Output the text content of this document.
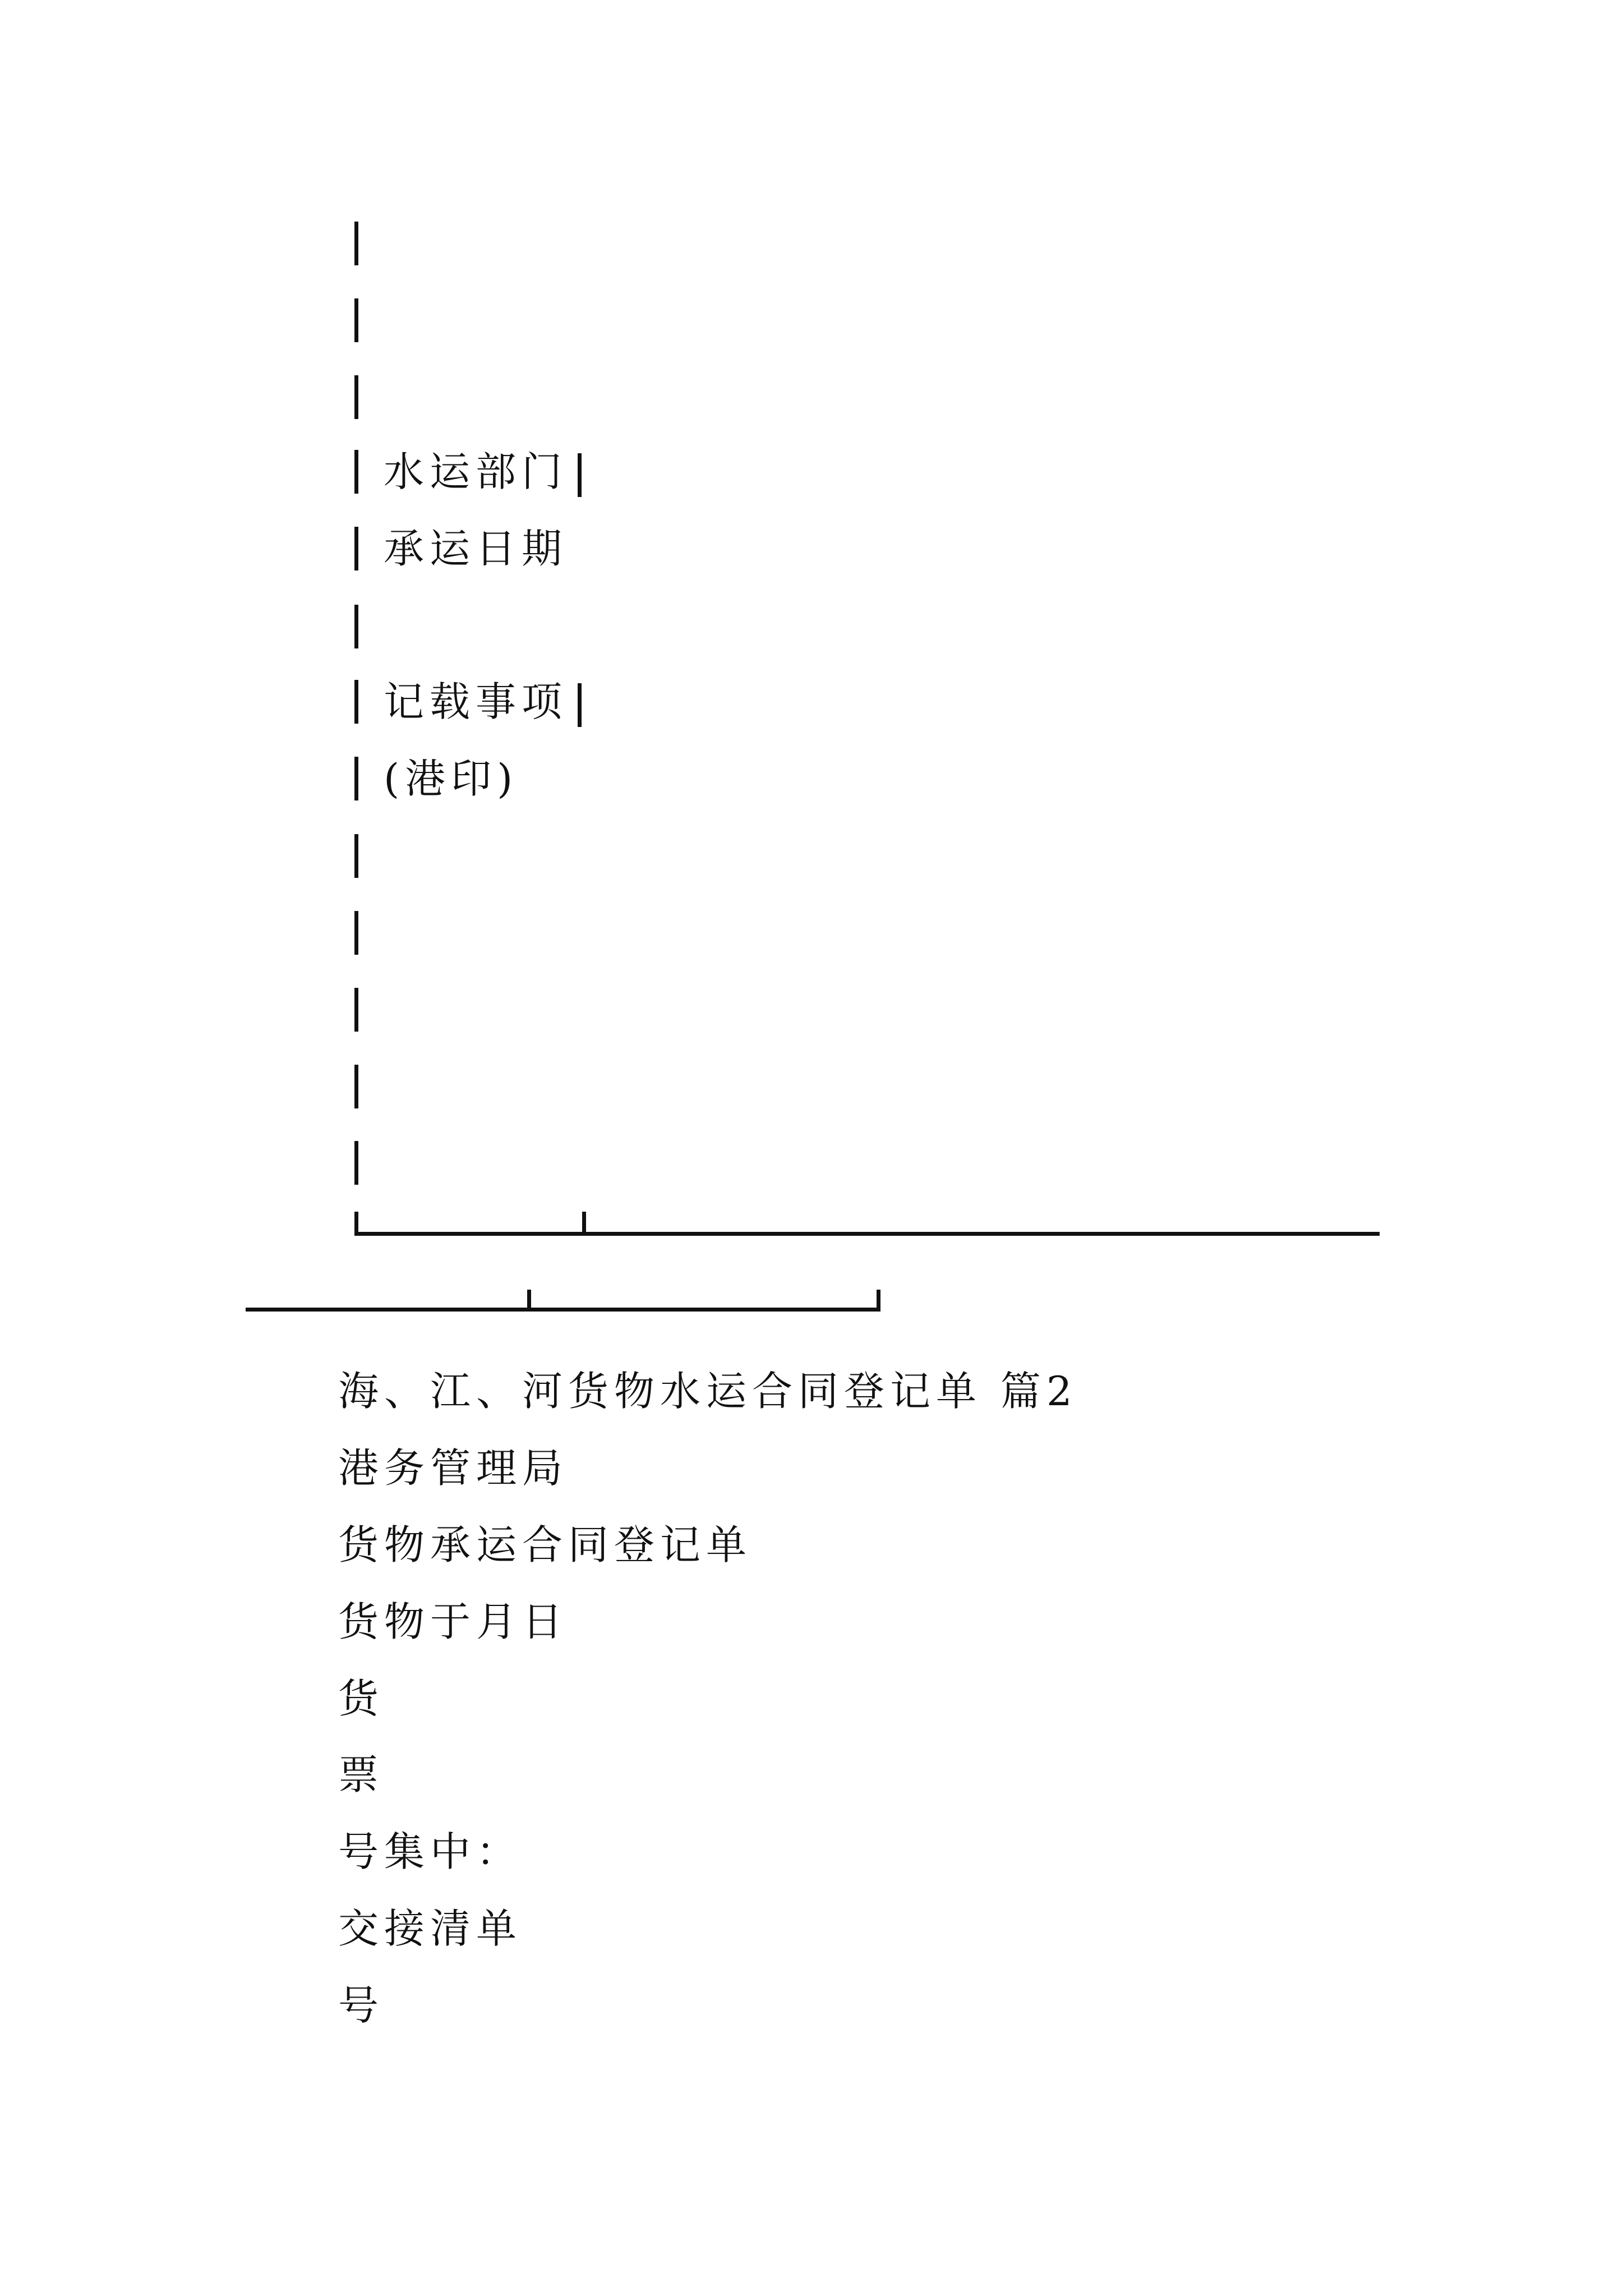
水运部门
承运日期
记载事项
(港印)
海、江、河货物水运合同登记单 篇2
港务管理局
货物承运合同登记单
货物于月日
货
票
号集中：
交接清单
号
